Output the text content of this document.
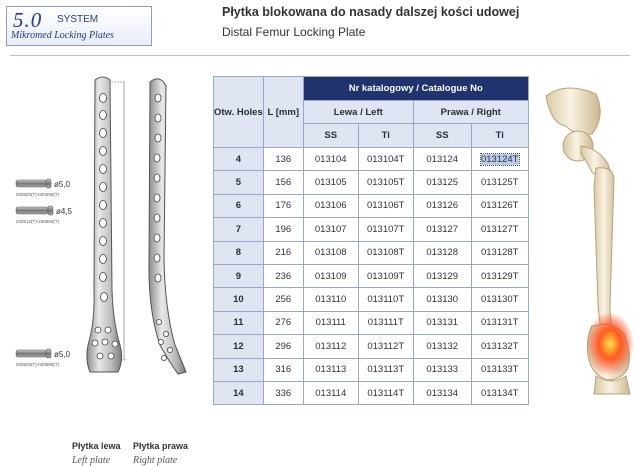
5.0 SYSTEM
Mikromed Locking Plates
Płytka blokowana do nasady dalszej kości udowej
Distal Femur Locking Plate
ø5,0
020520(T)-020590(T)
ø4,5
200512(T)-200560(T)
ø5,0
020520(T)-020590(T)
Płytka lewa
Left plate
Płytka prawa
Right plate
Otw. Holes	L [mm]	Nr katalogowy / Catalogue No			
		Lewa / Left		Prawa / Right	
		SS	Ti	SS	Ti
4	136	013104	013104T	013124	013124T
5	156	013105	013105T	013125	013125T
6	176	013106	013106T	013126	013126T
7	196	013107	013107T	013127	013127T
8	216	013108	013108T	013128	013128T
9	236	013109	013109T	013129	013129T
10	256	013110	013110T	013130	013130T
11	276	013111	013111T	013131	013131T
12	296	013112	013112T	013132	013132T
13	316	013113	013113T	013133	013133T
14	336	013114	013114T	013134	013134T
